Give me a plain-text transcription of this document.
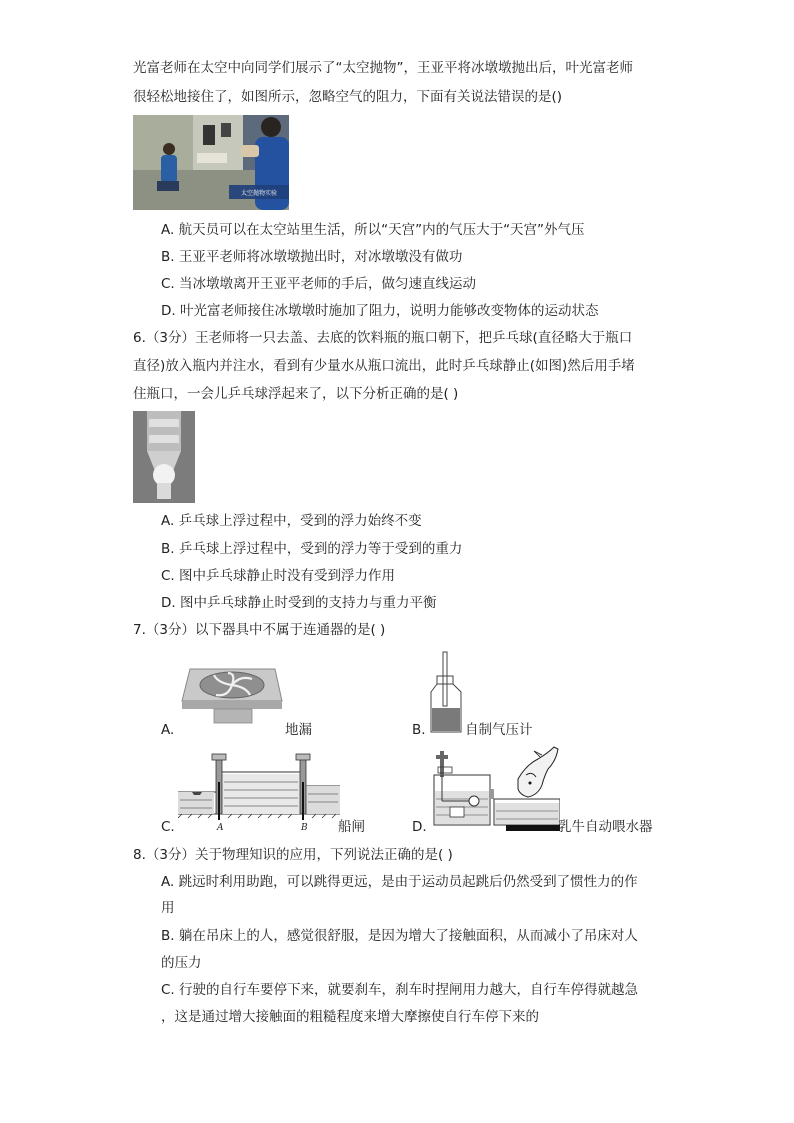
光富老师在太空中向同学们展示了“太空抛物”，王亚平将冰墩墩抛出后，叶光富老师
很轻松地接住了，如图所示，忽略空气的阻力，下面有关说法错误的是()
太空抛物实验
A. 航天员可以在太空站里生活，所以“天宫”内的气压大于“天宫”外气压
B. 王亚平老师将冰墩墩抛出时，对冰墩墩没有做功
C. 当冰墩墩离开王亚平老师的手后，做匀速直线运动
D. 叶光富老师接住冰墩墩时施加了阻力，说明力能够改变物体的运动状态
6.（3分）王老师将一只去盖、去底的饮料瓶的瓶口朝下，把乒乓球(直径略大于瓶口
直径)放入瓶内并注水，看到有少量水从瓶口流出，此时乒乓球静止(如图)然后用手堵
住瓶口，一会儿乒乓球浮起来了，以下分析正确的是( )
A. 乒乓球上浮过程中，受到的浮力始终不变
B. 乒乓球上浮过程中，受到的浮力等于受到的重力
C. 图中乒乓球静止时没有受到浮力作用
D. 图中乒乓球静止时受到的支持力与重力平衡
7.（3分）以下器具中不属于连通器的是( )
A.	地漏	B.	自制气压计
A	B
C.	船闸	D.	乳牛自动喂水器
8.（3分）关于物理知识的应用，下列说法正确的是( )
A. 跳远时利用助跑，可以跳得更远，是由于运动员起跳后仍然受到了惯性力的作
用
B. 躺在吊床上的人，感觉很舒服，是因为增大了接触面积，从而减小了吊床对人
的压力
C. 行驶的自行车要停下来，就要刹车，刹车时捏闸用力越大，自行车停得就越急
，这是通过增大接触面的粗糙程度来增大摩擦使自行车停下来的
